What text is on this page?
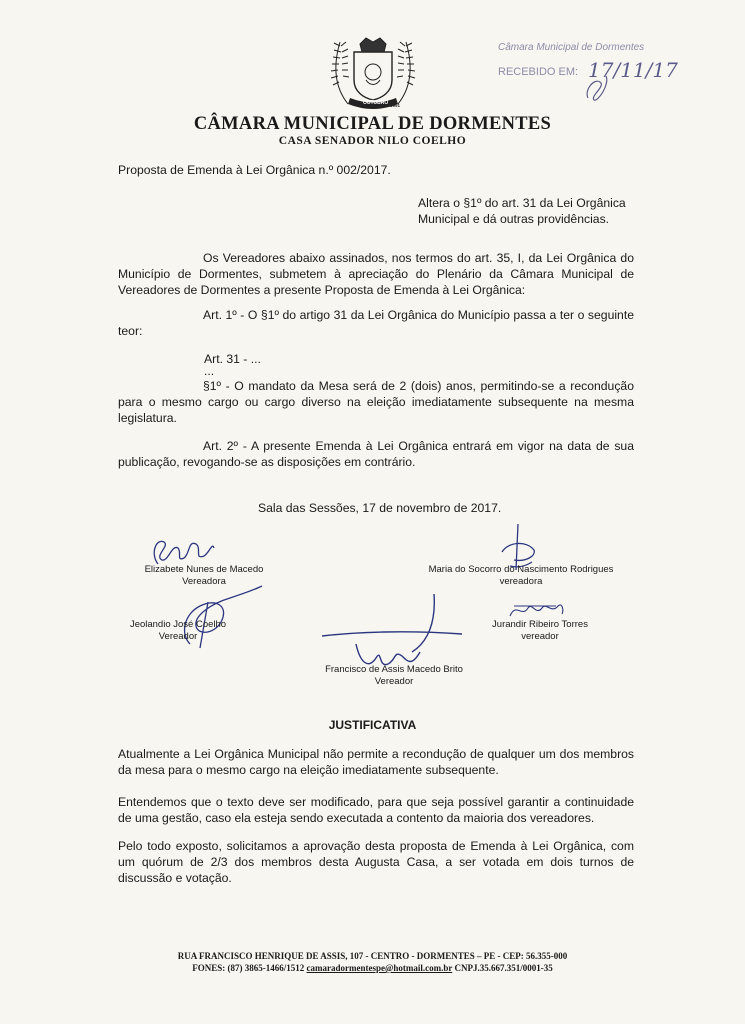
OUTUBRO 1991
CÂMARA MUNICIPAL DE DORMENTES
CASA SENADOR NILO COELHO
Câmara Municipal de Dormentes
RECEBIDO EM: 17/11/17
Proposta de Emenda à Lei Orgânica n.º 002/2017.
Altera o §1º do art. 31 da Lei Orgânica Municipal e dá outras providências.
Os Vereadores abaixo assinados, nos termos do art. 35, I, da Lei Orgânica do Município de Dormentes, submetem à apreciação do Plenário da Câmara Municipal de Vereadores de Dormentes a presente Proposta de Emenda à Lei Orgânica:
Art. 1º - O §1º do artigo 31 da Lei Orgânica do Município passa a ter o seguinte teor:
Art. 31 - ...
...
§1º - O mandato da Mesa será de 2 (dois) anos, permitindo-se a recondução para o mesmo cargo ou cargo diverso na eleição imediatamente subsequente na mesma legislatura.
Art. 2º - A presente Emenda à Lei Orgânica entrará em vigor na data de sua publicação, revogando-se as disposições em contrário.
Sala das Sessões, 17 de novembro de 2017.
Elizabete Nunes de Macedo
Vereadora
Maria do Socorro do Nascimento Rodrigues
vereadora
Jeolandio José Coelho
Vereador
Jurandir Ribeiro Torres
vereador
Francisco de Assis Macedo Brito
Vereador
JUSTIFICATIVA
Atualmente a Lei Orgânica Municipal não permite a recondução de qualquer um dos membros da mesa para o mesmo cargo na eleição imediatamente subsequente.
Entendemos que o texto deve ser modificado, para que seja possível garantir a continuidade de uma gestão, caso ela esteja sendo executada a contento da maioria dos vereadores.
Pelo todo exposto, solicitamos a aprovação desta proposta de Emenda à Lei Orgânica, com um quórum de 2/3 dos membros desta Augusta Casa, a ser votada em dois turnos de discussão e votação.
RUA FRANCISCO HENRIQUE DE ASSIS, 107 - CENTRO - DORMENTES – PE - CEP: 56.355-000
FONES: (87) 3865-1466/1512 camaradormentespe@hotmail.com.br CNPJ.35.667.351/0001-35
